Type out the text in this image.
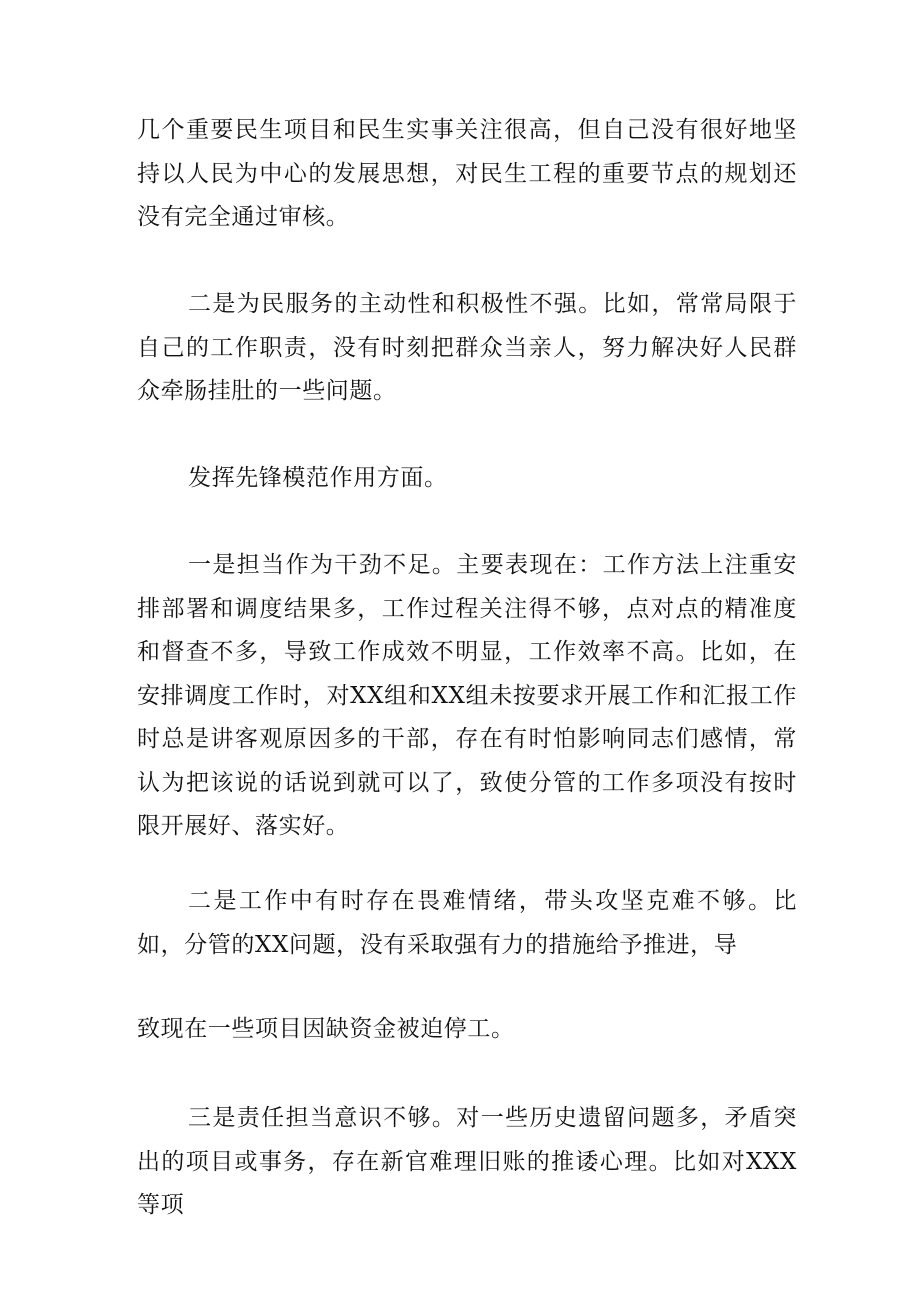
几个重要民生项目和民生实事关注很高，但自己没有很好地坚持以人民为中心的发展思想，对民生工程的重要节点的规划还没有完全通过审核。

二是为民服务的主动性和积极性不强。比如，常常局限于自己的工作职责，没有时刻把群众当亲人，努力解决好人民群众牵肠挂肚的一些问题。

发挥先锋模范作用方面。

一是担当作为干劲不足。主要表现在：工作方法上注重安排部署和调度结果多，工作过程关注得不够，点对点的精准度和督查不多，导致工作成效不明显，工作效率不高。比如，在安排调度工作时，对XX组和XX组未按要求开展工作和汇报工作时总是讲客观原因多的干部，存在有时怕影响同志们感情，常认为把该说的话说到就可以了，致使分管的工作多项没有按时限开展好、落实好。

二是工作中有时存在畏难情绪，带头攻坚克难不够。比如，分管的XX问题，没有采取强有力的措施给予推进，导

致现在一些项目因缺资金被迫停工。

三是责任担当意识不够。对一些历史遗留问题多，矛盾突出的项目或事务，存在新官难理旧账的推诿心理。比如对XXX等项
